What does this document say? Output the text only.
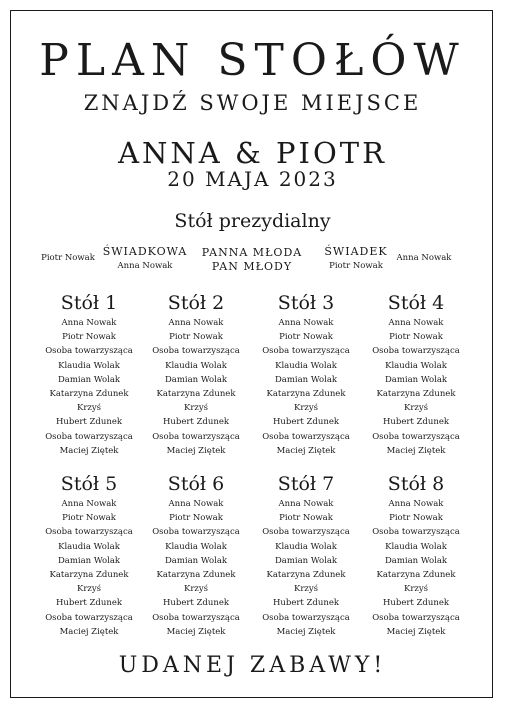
PLAN STOŁÓW
ZNAJDŹ SWOJE MIEJSCE
ANNA & PIOTR
20 MAJA 2023
Stół prezydialny
Piotr Nowak ŚWIADKOWA
Anna Nowak
PANNA MŁODA
PAN MŁODY
ŚWIADEK
Piotr Nowak
Anna Nowak
Stół 1
Anna Nowak
Piotr Nowak
Osoba towarzysząca
Klaudia Wolak
Damian Wolak
Katarzyna Zdunek
Krzyś
Hubert Zdunek
Osoba towarzysząca
Maciej Ziętek
Stół 2
Anna Nowak
Piotr Nowak
Osoba towarzysząca
Klaudia Wolak
Damian Wolak
Katarzyna Zdunek
Krzyś
Hubert Zdunek
Osoba towarzysząca
Maciej Ziętek
Stół 3
Anna Nowak
Piotr Nowak
Osoba towarzysząca
Klaudia Wolak
Damian Wolak
Katarzyna Zdunek
Krzyś
Hubert Zdunek
Osoba towarzysząca
Maciej Ziętek
Stół 4
Anna Nowak
Piotr Nowak
Osoba towarzysząca
Klaudia Wolak
Damian Wolak
Katarzyna Zdunek
Krzyś
Hubert Zdunek
Osoba towarzysząca
Maciej Ziętek
Stół 5
Anna Nowak
Piotr Nowak
Osoba towarzysząca
Klaudia Wolak
Damian Wolak
Katarzyna Zdunek
Krzyś
Hubert Zdunek
Osoba towarzysząca
Maciej Ziętek
Stół 6
Anna Nowak
Piotr Nowak
Osoba towarzysząca
Klaudia Wolak
Damian Wolak
Katarzyna Zdunek
Krzyś
Hubert Zdunek
Osoba towarzysząca
Maciej Ziętek
Stół 7
Anna Nowak
Piotr Nowak
Osoba towarzysząca
Klaudia Wolak
Damian Wolak
Katarzyna Zdunek
Krzyś
Hubert Zdunek
Osoba towarzysząca
Maciej Ziętek
Stół 8
Anna Nowak
Piotr Nowak
Osoba towarzysząca
Klaudia Wolak
Damian Wolak
Katarzyna Zdunek
Krzyś
Hubert Zdunek
Osoba towarzysząca
Maciej Ziętek
UDANEJ ZABAWY!
